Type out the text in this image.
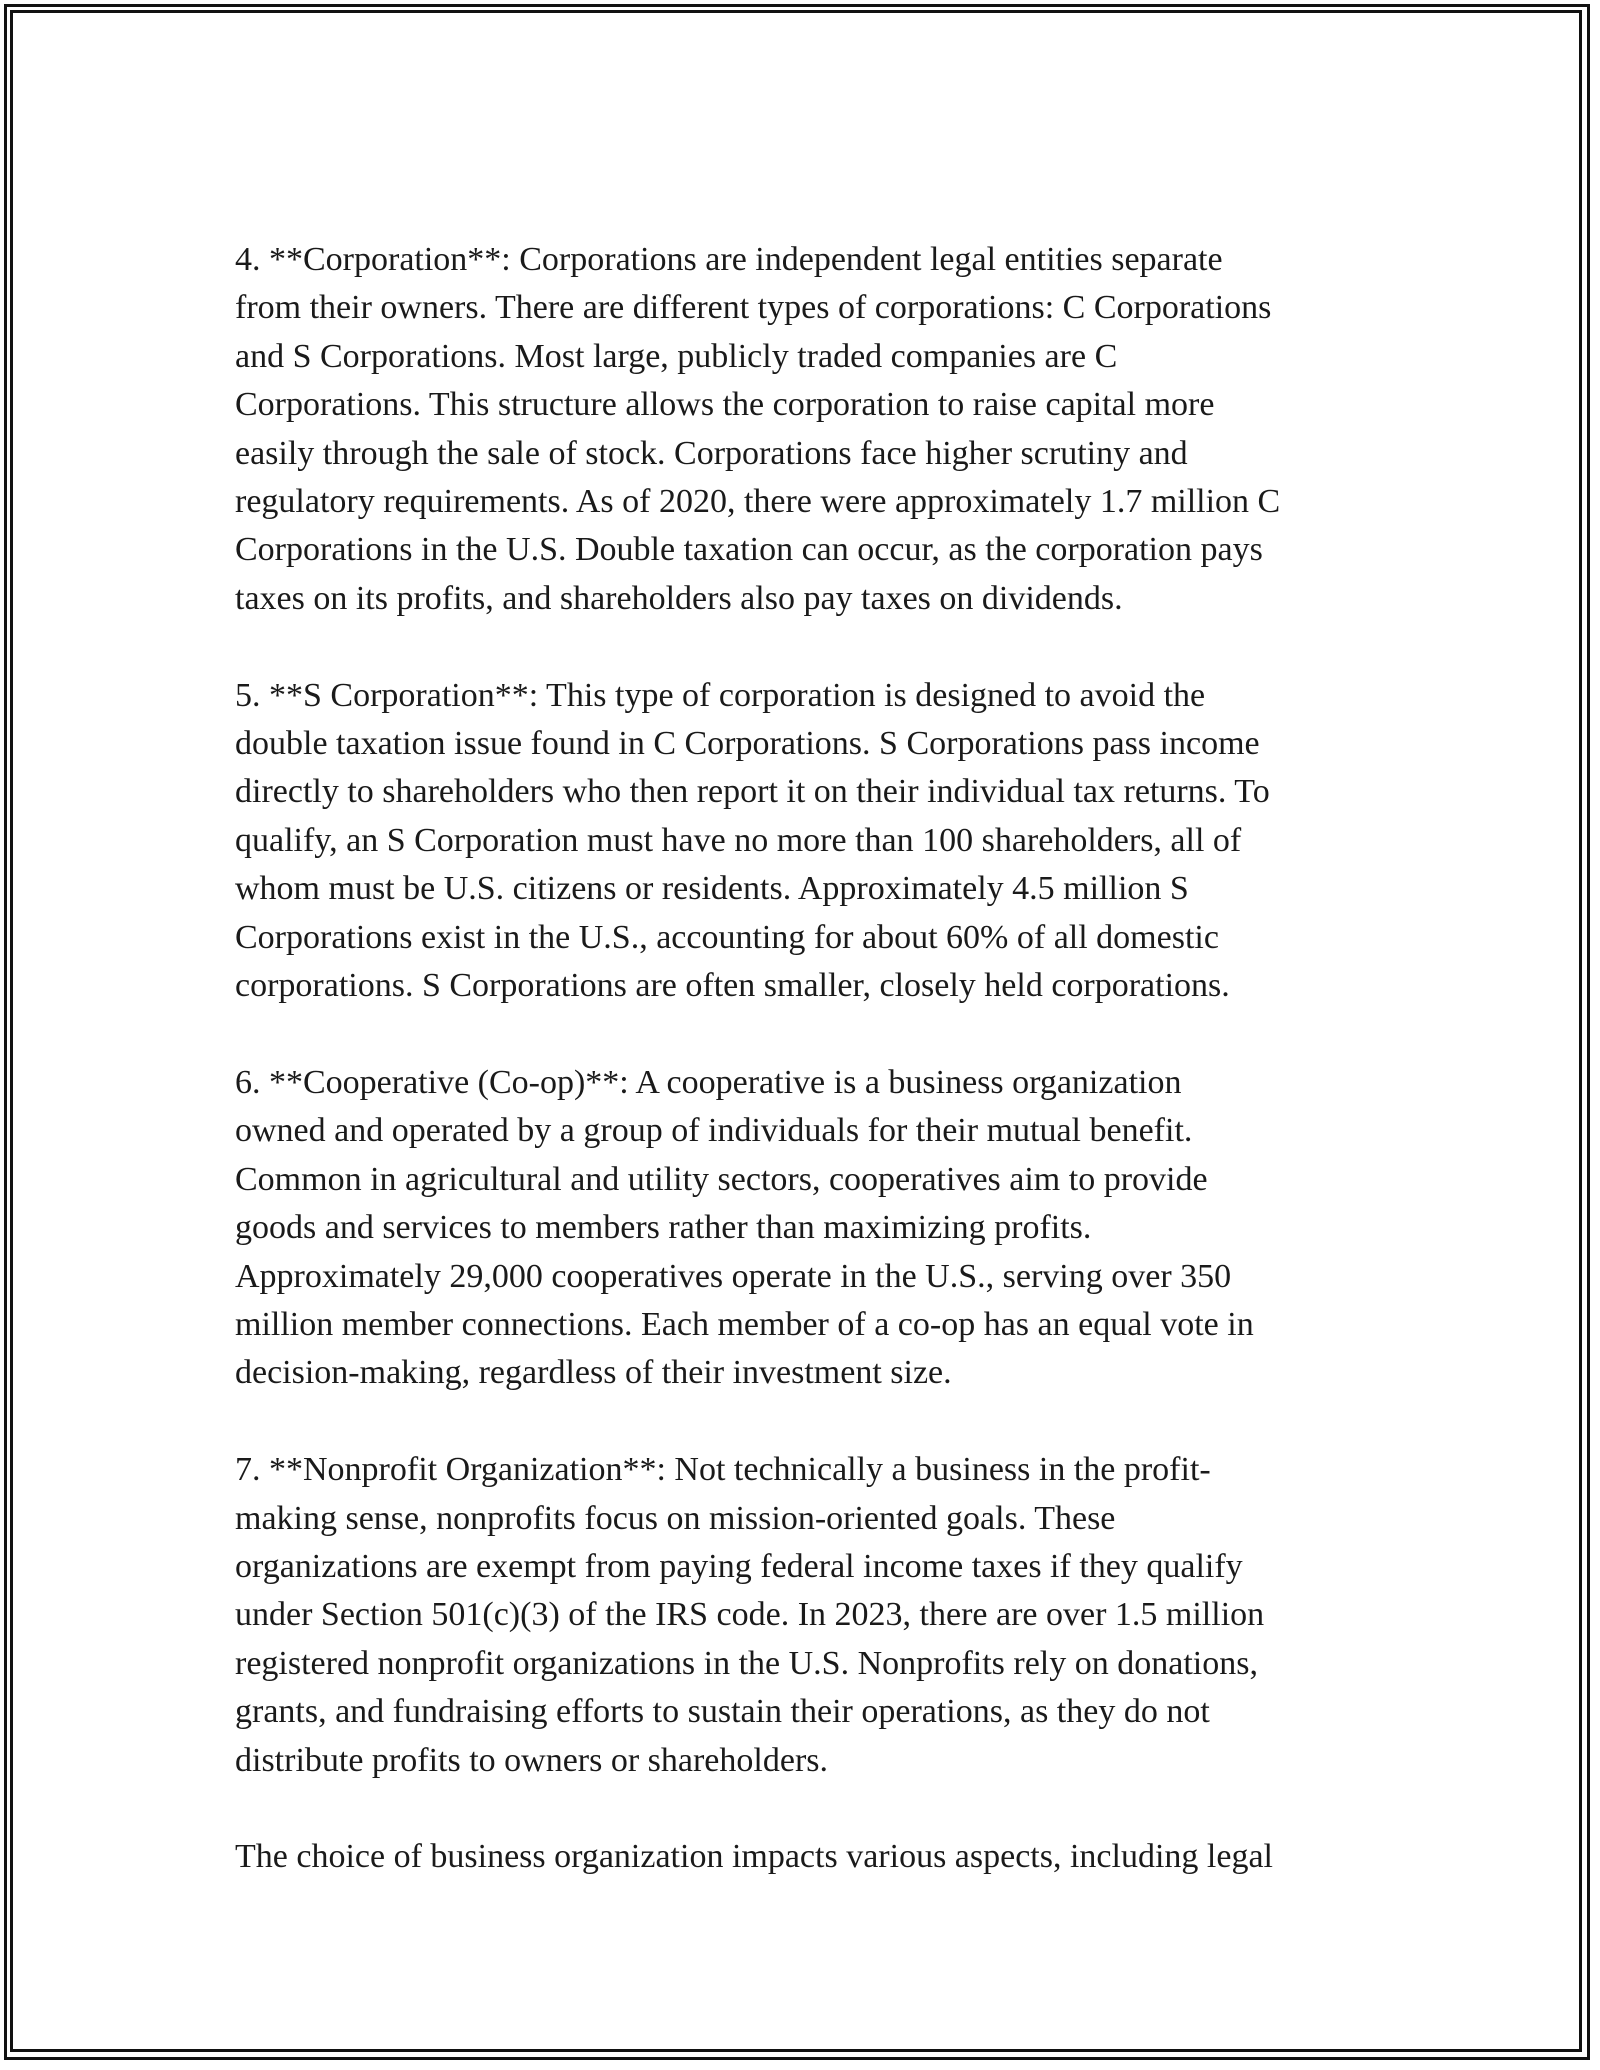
4. **Corporation**: Corporations are independent legal entities separate
from their owners. There are different types of corporations: C Corporations
and S Corporations. Most large, publicly traded companies are C
Corporations. This structure allows the corporation to raise capital more
easily through the sale of stock. Corporations face higher scrutiny and
regulatory requirements. As of 2020, there were approximately 1.7 million C
Corporations in the U.S. Double taxation can occur, as the corporation pays
taxes on its profits, and shareholders also pay taxes on dividends.

5. **S Corporation**: This type of corporation is designed to avoid the
double taxation issue found in C Corporations. S Corporations pass income
directly to shareholders who then report it on their individual tax returns. To
qualify, an S Corporation must have no more than 100 shareholders, all of
whom must be U.S. citizens or residents. Approximately 4.5 million S
Corporations exist in the U.S., accounting for about 60% of all domestic
corporations. S Corporations are often smaller, closely held corporations.

6. **Cooperative (Co-op)**: A cooperative is a business organization
owned and operated by a group of individuals for their mutual benefit.
Common in agricultural and utility sectors, cooperatives aim to provide
goods and services to members rather than maximizing profits.
Approximately 29,000 cooperatives operate in the U.S., serving over 350
million member connections. Each member of a co-op has an equal vote in
decision-making, regardless of their investment size.

7. **Nonprofit Organization**: Not technically a business in the profit-
making sense, nonprofits focus on mission-oriented goals. These
organizations are exempt from paying federal income taxes if they qualify
under Section 501(c)(3) of the IRS code. In 2023, there are over 1.5 million
registered nonprofit organizations in the U.S. Nonprofits rely on donations,
grants, and fundraising efforts to sustain their operations, as they do not
distribute profits to owners or shareholders.

The choice of business organization impacts various aspects, including legal
